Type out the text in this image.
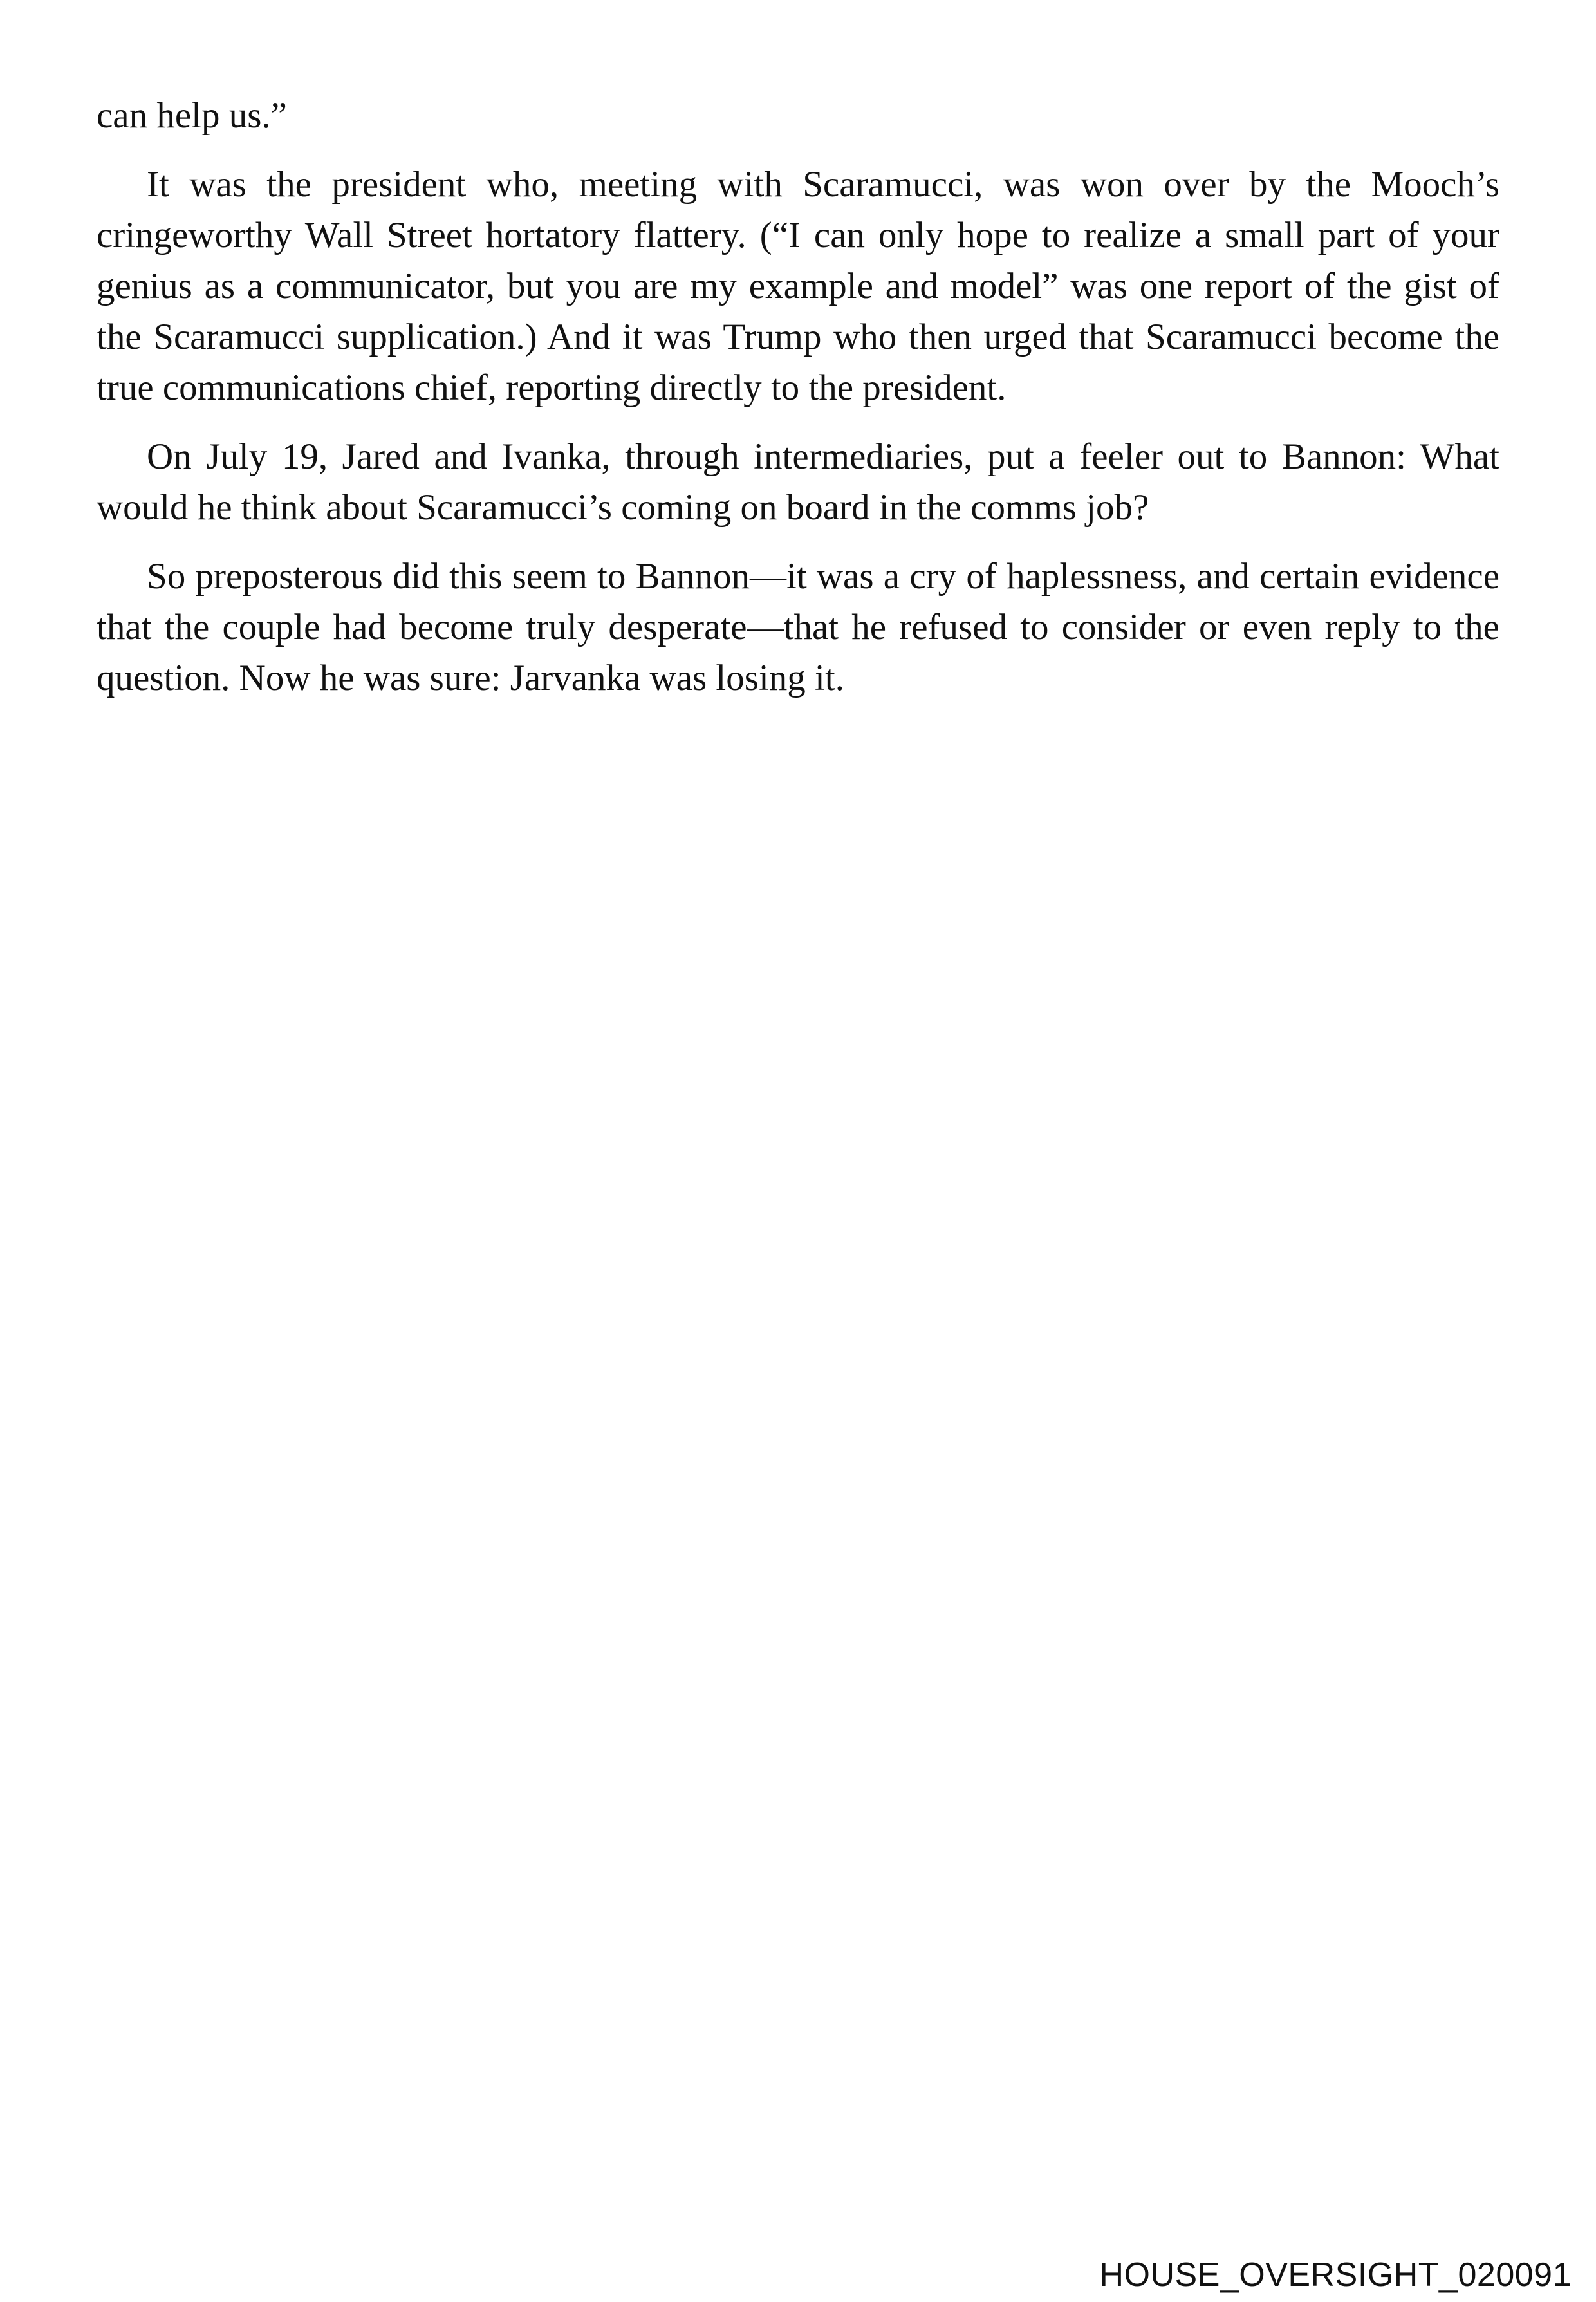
can help us.”

It was the president who, meeting with Scaramucci, was won over by the Mooch’s cringeworthy Wall Street hortatory flattery. (“I can only hope to realize a small part of your genius as a communicator, but you are my example and model” was one report of the gist of the Scaramucci supplication.) And it was Trump who then urged that Scaramucci become the true communications chief, reporting directly to the president.

On July 19, Jared and Ivanka, through intermediaries, put a feeler out to Bannon: What would he think about Scaramucci’s coming on board in the comms job?

So preposterous did this seem to Bannon—it was a cry of haplessness, and certain evidence that the couple had become truly desperate—that he refused to consider or even reply to the question. Now he was sure: Jarvanka was losing it.

HOUSE_OVERSIGHT_020091
